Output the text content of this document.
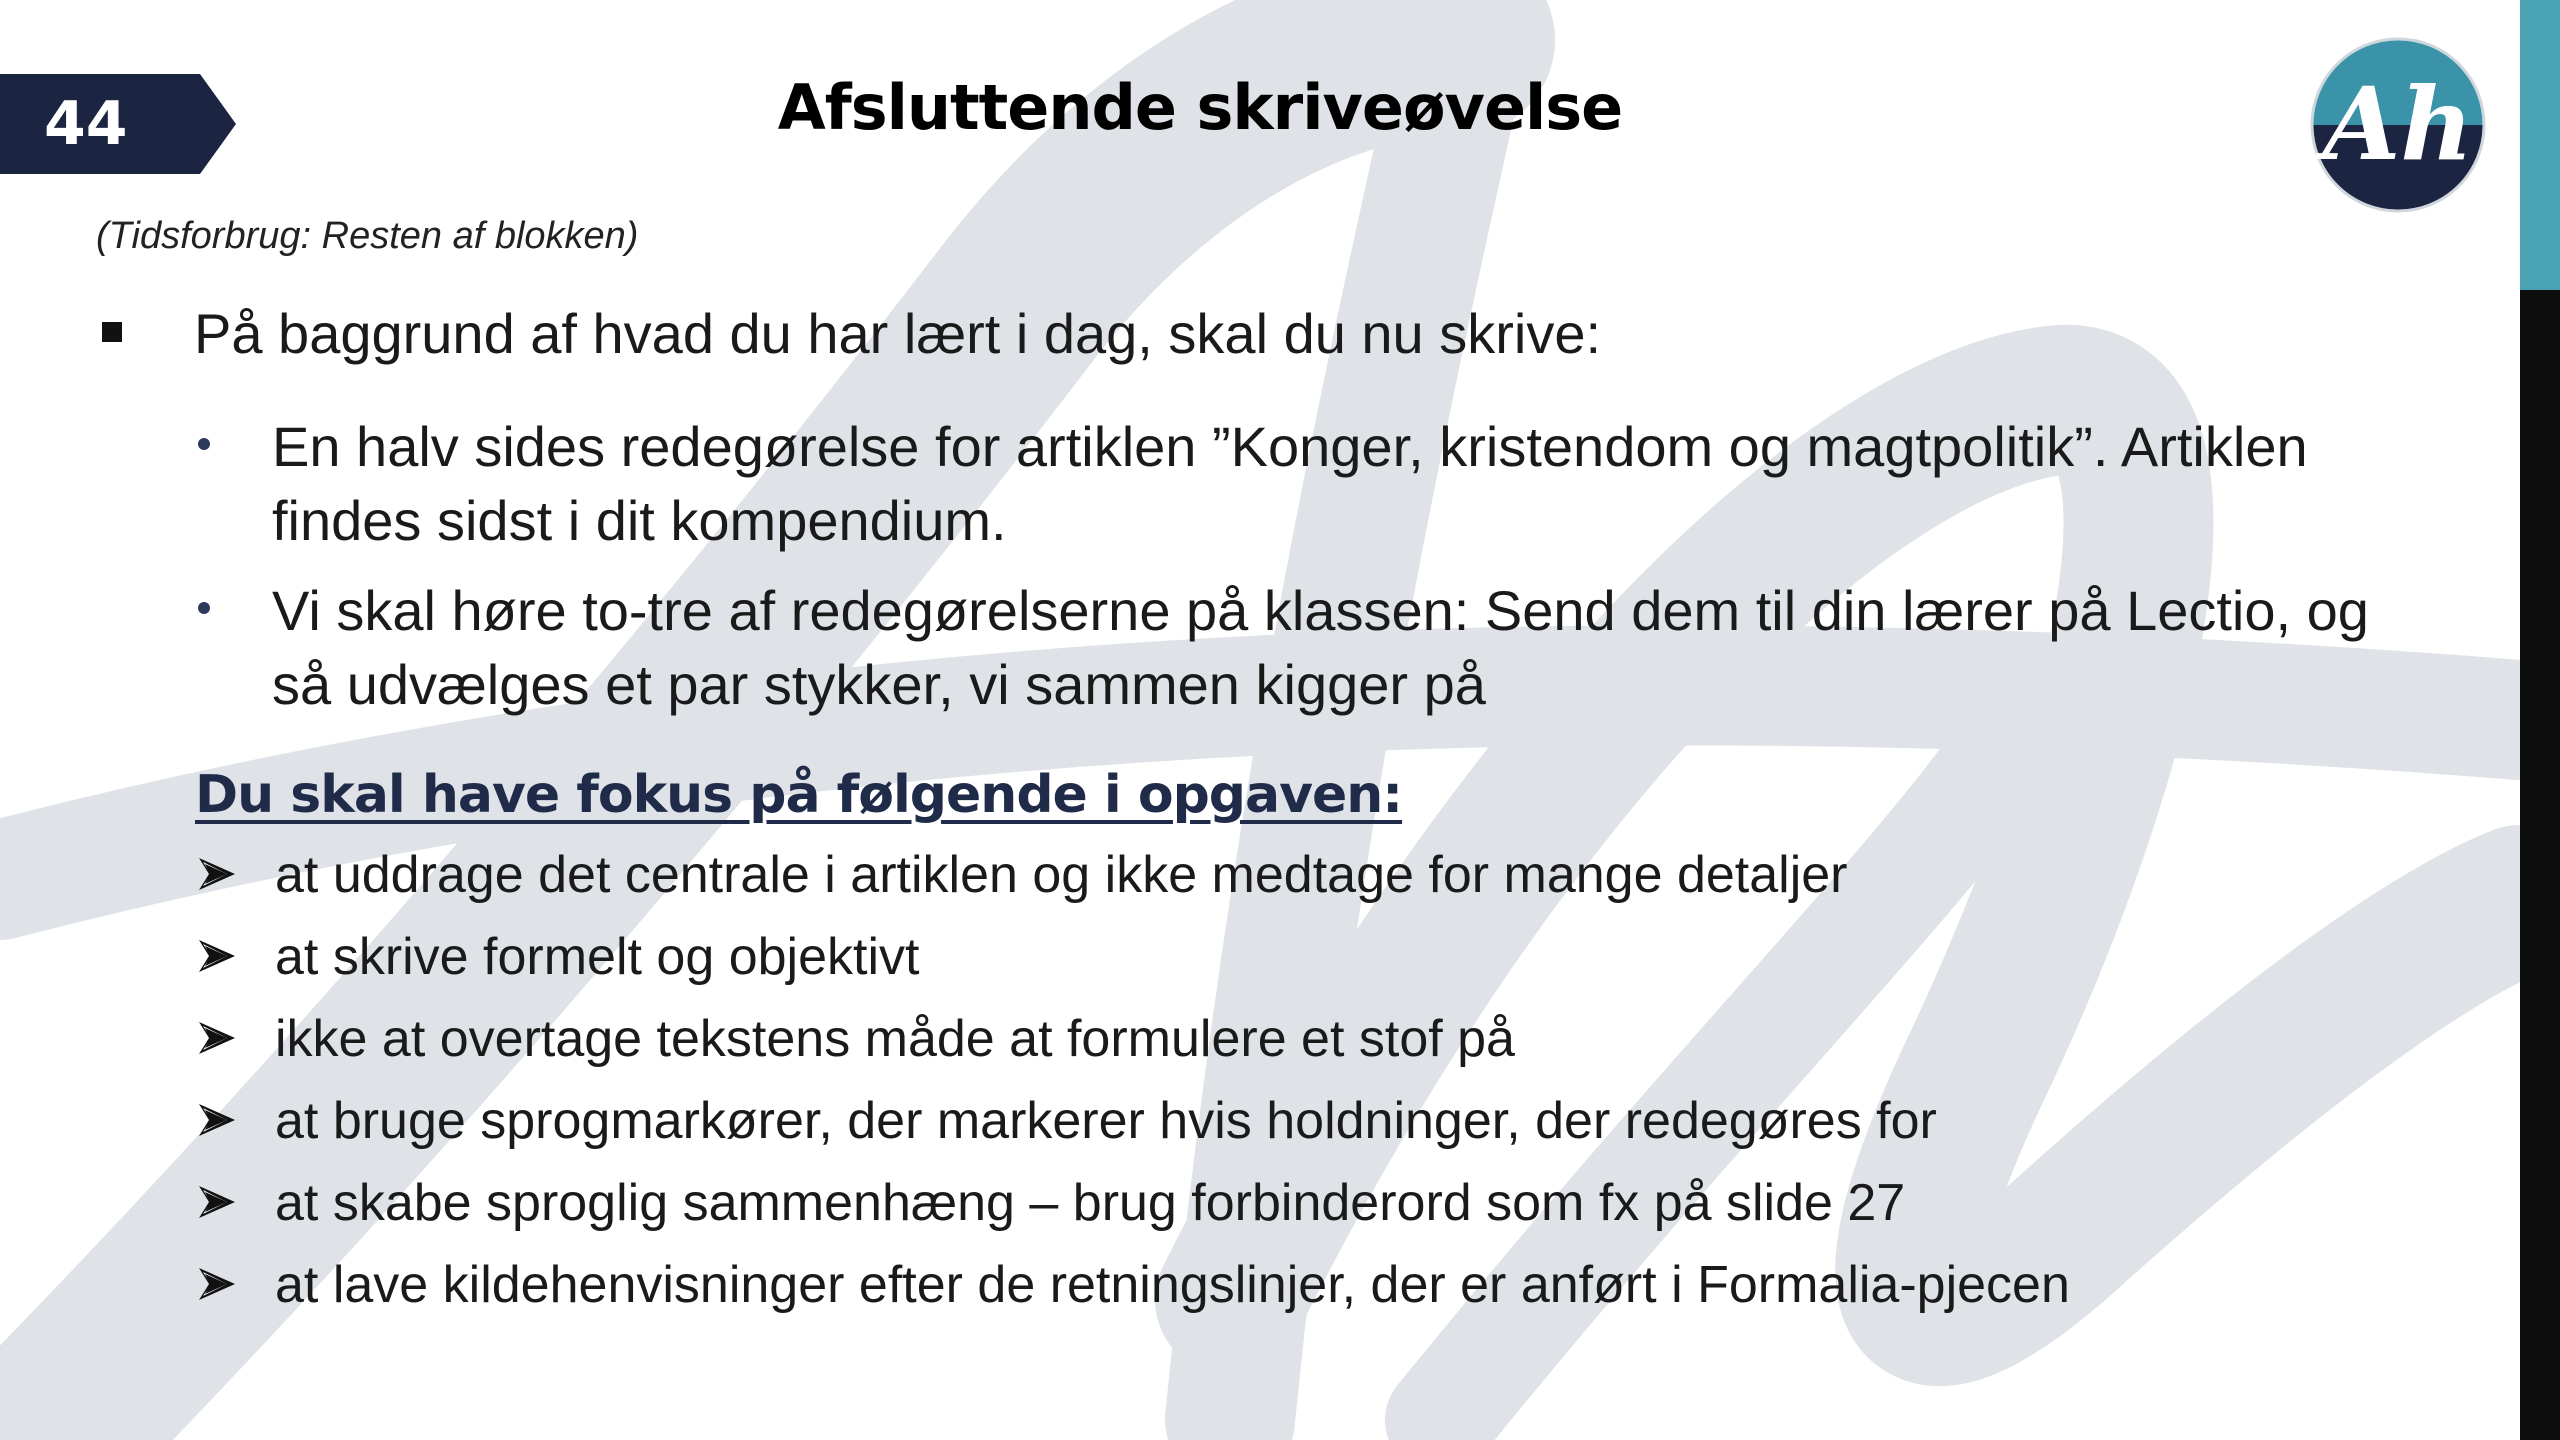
44	Afsluttende skriveøvelse	Ah
(Tidsforbrug: Resten af blokken)
På baggrund af hvad du har lært i dag, skal du nu skrive:
En halv sides redegørelse for artiklen ”Konger, kristendom og magtpolitik”. Artiklen findes sidst i dit kompendium.
Vi skal høre to-tre af redegørelserne på klassen: Send dem til din lærer på Lectio, og så udvælges et par stykker, vi sammen kigger på
Du skal have fokus på følgende i opgaven:
at uddrage det centrale i artiklen og ikke medtage for mange detaljer
at skrive formelt og objektivt
ikke at overtage tekstens måde at formulere et stof på
at bruge sprogmarkører, der markerer hvis holdninger, der redegøres for
at skabe sproglig sammenhæng – brug forbinderord som fx på slide 27
at lave kildehenvisninger efter de retningslinjer, der er anført i Formalia-pjecen
